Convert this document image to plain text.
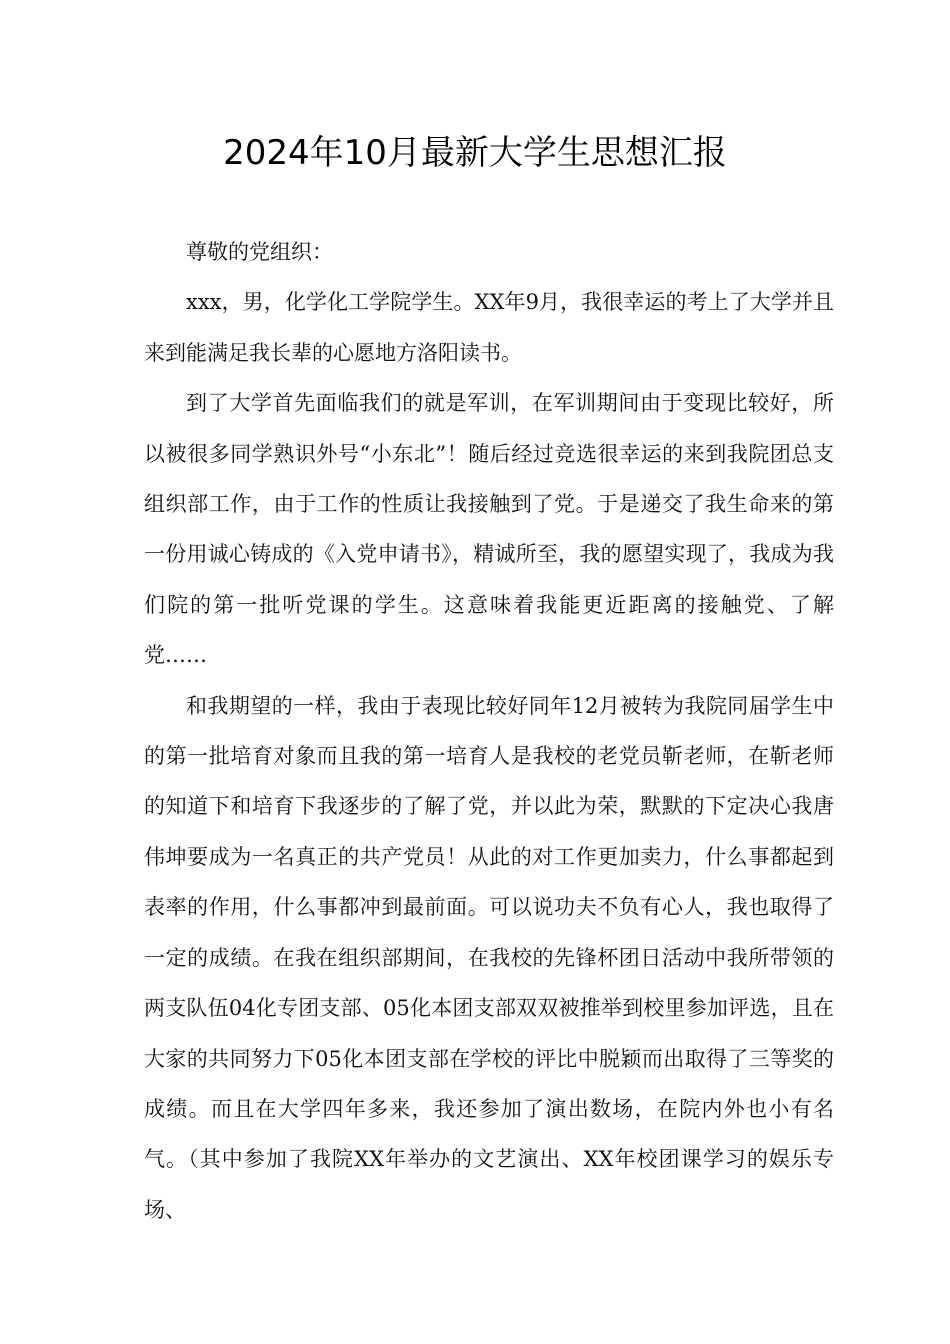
2024年10月最新大学生思想汇报

尊敬的党组织：

xxx，男，化学化工学院学生。XX年9月，我很幸运的考上了大学并且来到能满足我长辈的心愿地方洛阳读书。

到了大学首先面临我们的就是军训，在军训期间由于变现比较好，所以被很多同学熟识外号“小东北”！随后经过竞选很幸运的来到我院团总支组织部工作，由于工作的性质让我接触到了党。于是递交了我生命来的第一份用诚心铸成的《入党申请书》，精诚所至，我的愿望实现了，我成为我们院的第一批听党课的学生。这意味着我能更近距离的接触党、了解党……

和我期望的一样，我由于表现比较好同年12月被转为我院同届学生中的第一批培育对象而且我的第一培育人是我校的老党员靳老师，在靳老师的知道下和培育下我逐步的了解了党，并以此为荣，默默的下定决心我唐伟坤要成为一名真正的共产党员！从此的对工作更加卖力，什么事都起到表率的作用，什么事都冲到最前面。可以说功夫不负有心人，我也取得了一定的成绩。在我在组织部期间，在我校的先锋杯团日活动中我所带领的两支队伍04化专团支部、05化本团支部双双被推举到校里参加评选，且在大家的共同努力下05化本团支部在学校的评比中脱颖而出取得了三等奖的成绩。而且在大学四年多来，我还参加了演出数场，在院内外也小有名气。（其中参加了我院XX年举办的文艺演出、XX年校团课学习的娱乐专场、
